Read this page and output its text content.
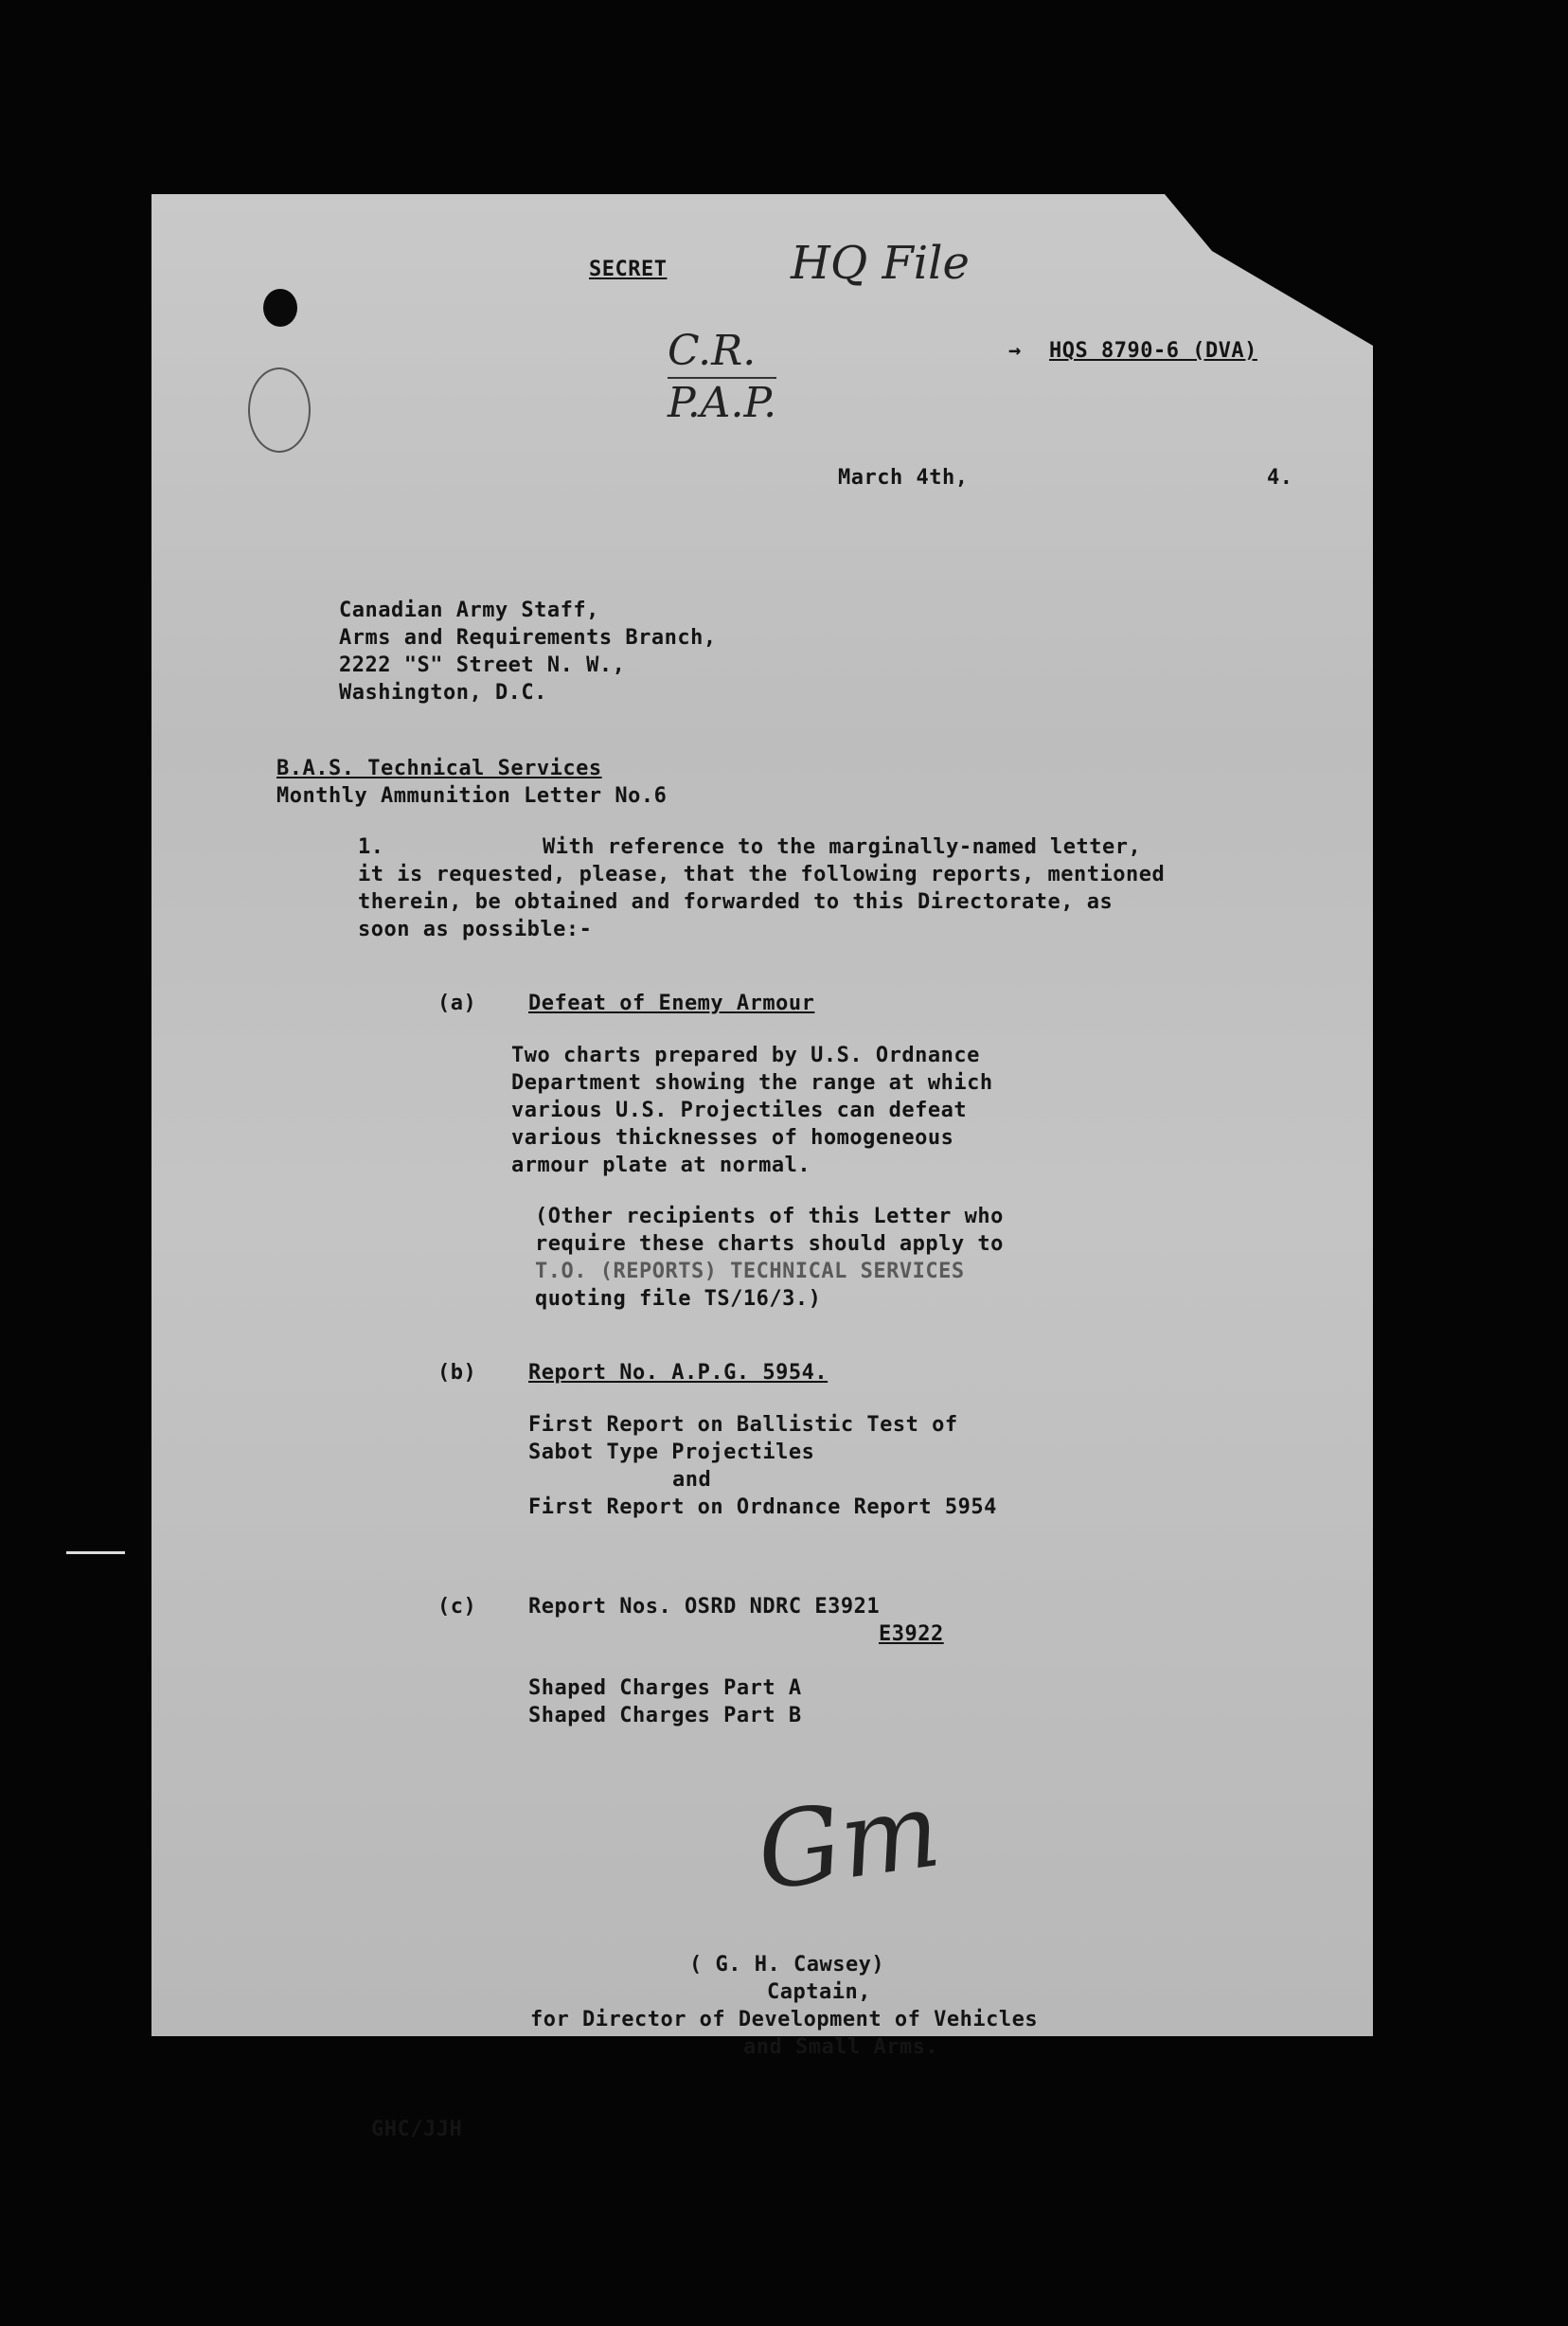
SECRET	HQ File
C.R.
P.A.P.
→ HQS 8790-6 (DVA)
March 4th,	4.
Canadian Army Staff,
Arms and Requirements Branch,
2222 "S" Street N. W.,
Washington, D.C.
B.A.S. Technical Services
Monthly Ammunition Letter No.6
1.	With reference to the marginally-named letter,
it is requested, please, that the following reports, mentioned
therein, be obtained and forwarded to this Directorate, as
soon as possible:-
(a) Defeat of Enemy Armour
Two charts prepared by U.S. Ordnance
Department showing the range at which
various U.S. Projectiles can defeat
various thicknesses of homogeneous
armour plate at normal.
(Other recipients of this Letter who
require these charts should apply to
T.O. (REPORTS) TECHNICAL SERVICES
quoting file TS/16/3.)
(b) Report No. A.P.G. 5954.
First Report on Ballistic Test of
Sabot Type Projectiles
and
First Report on Ordnance Report 5954
(c) Report Nos. OSRD NDRC E3921
E3922
Shaped Charges Part A
Shaped Charges Part B
Gm
( G. H. Cawsey)
Captain,
for Director of Development of Vehicles
and Small Arms.
GHC/JJH
